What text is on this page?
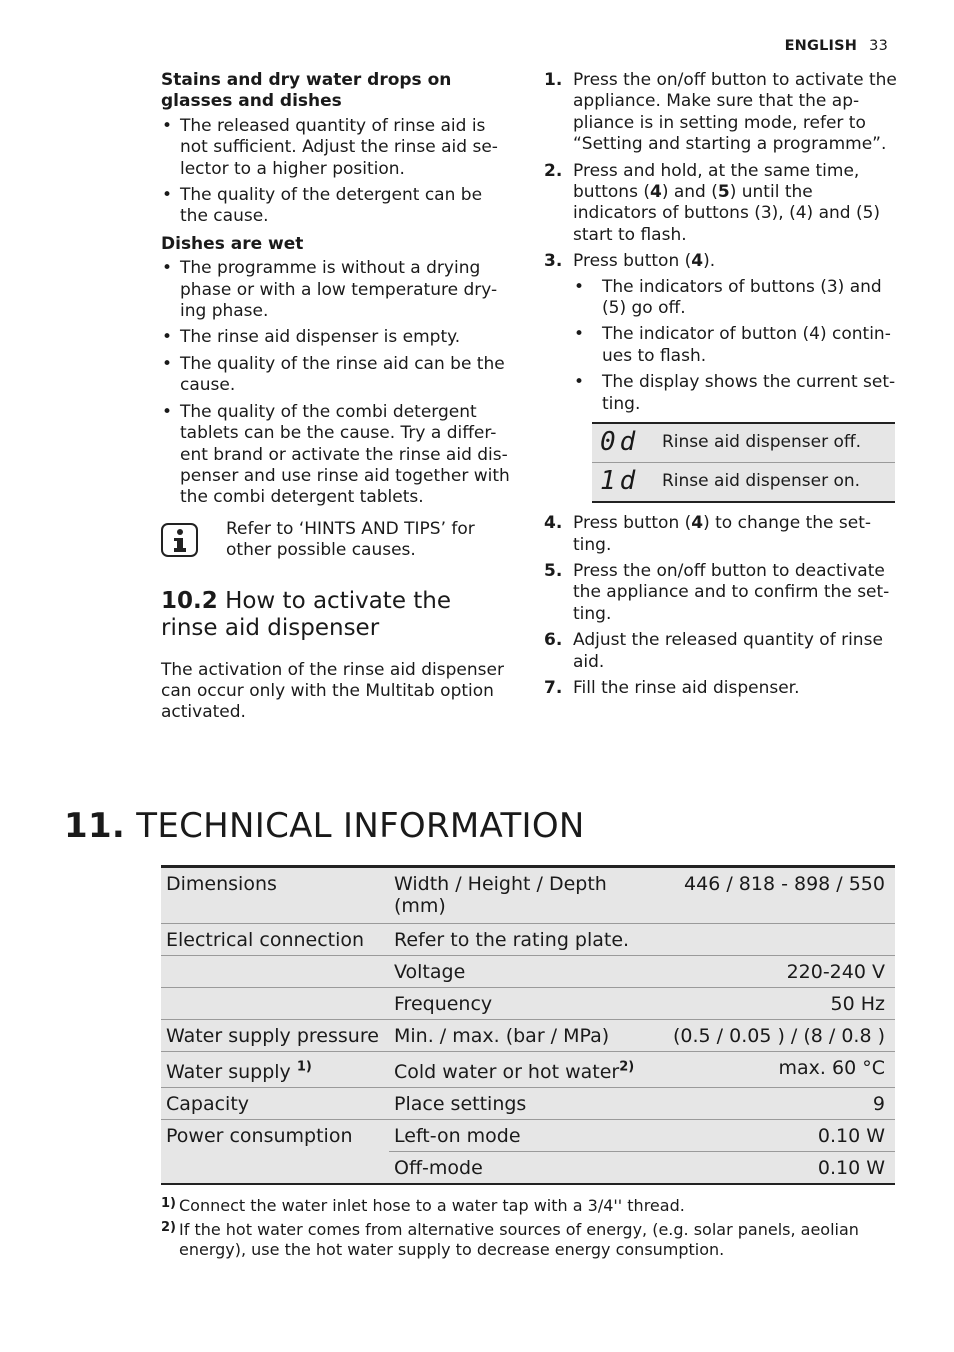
ENGLISH 33

Stains and dry water drops on glasses and dishes

• The released quantity of rinse aid is not sufficient. Adjust the rinse aid se-lector to a higher position.
• The quality of the detergent can be the cause.

Dishes are wet

• The programme is without a drying phase or with a low temperature dry-ing phase.
• The rinse aid dispenser is empty.
• The quality of the rinse aid can be the cause.
• The quality of the combi detergent tablets can be the cause. Try a differ-ent brand or activate the rinse aid dis-penser and use rinse aid together with the combi detergent tablets.
Refer to ‘HINTS AND TIPS’ for other possible causes.
10.2 How to activate the rinse aid dispenser

The activation of the rinse aid dispenser can occur only with the Multitab option activated.

1. Press the on/off button to activate the appliance. Make sure that the ap-pliance is in setting mode, refer to “Setting and starting a programme”.
2. Press and hold, at the same time, buttons (4) and (5) until the indicators of buttons (3), (4) and (5) start to flash.
3. Press button (4).
• The indicators of buttons (3) and (5) go off.
• The indicator of button (4) contin-ues to flash.
• The display shows the current set-ting.
0d	Rinse aid dispenser off.
1d	Rinse aid dispenser on.
4. Press button (4) to change the set-ting.
5. Press the on/off button to deactivate the appliance and to confirm the set-ting.
6. Adjust the released quantity of rinse aid.
7. Fill the rinse aid dispenser.
11. TECHNICAL INFORMATION
Dimensions	Width / Height / Depth (mm)	446 / 818 - 898 / 550
Electrical connection	Refer to the rating plate.	
	Voltage	220-240 V
	Frequency	50 Hz
Water supply pressure	Min. / max. (bar / MPa)	(0.5 / 0.05 ) / (8 / 0.8 )
Water supply $^{1)}$	Cold water or hot water$^{2)}$	max. 60 °C
Capacity	Place settings	9
Power consumption	Left-on mode	0.10 W
	Off-mode	0.10 W
1) Connect the water inlet hose to a water tap with a 3/4'' thread.
2) If the hot water comes from alternative sources of energy, (e.g. solar panels, aeolian energy), use the hot water supply to decrease energy consumption.
